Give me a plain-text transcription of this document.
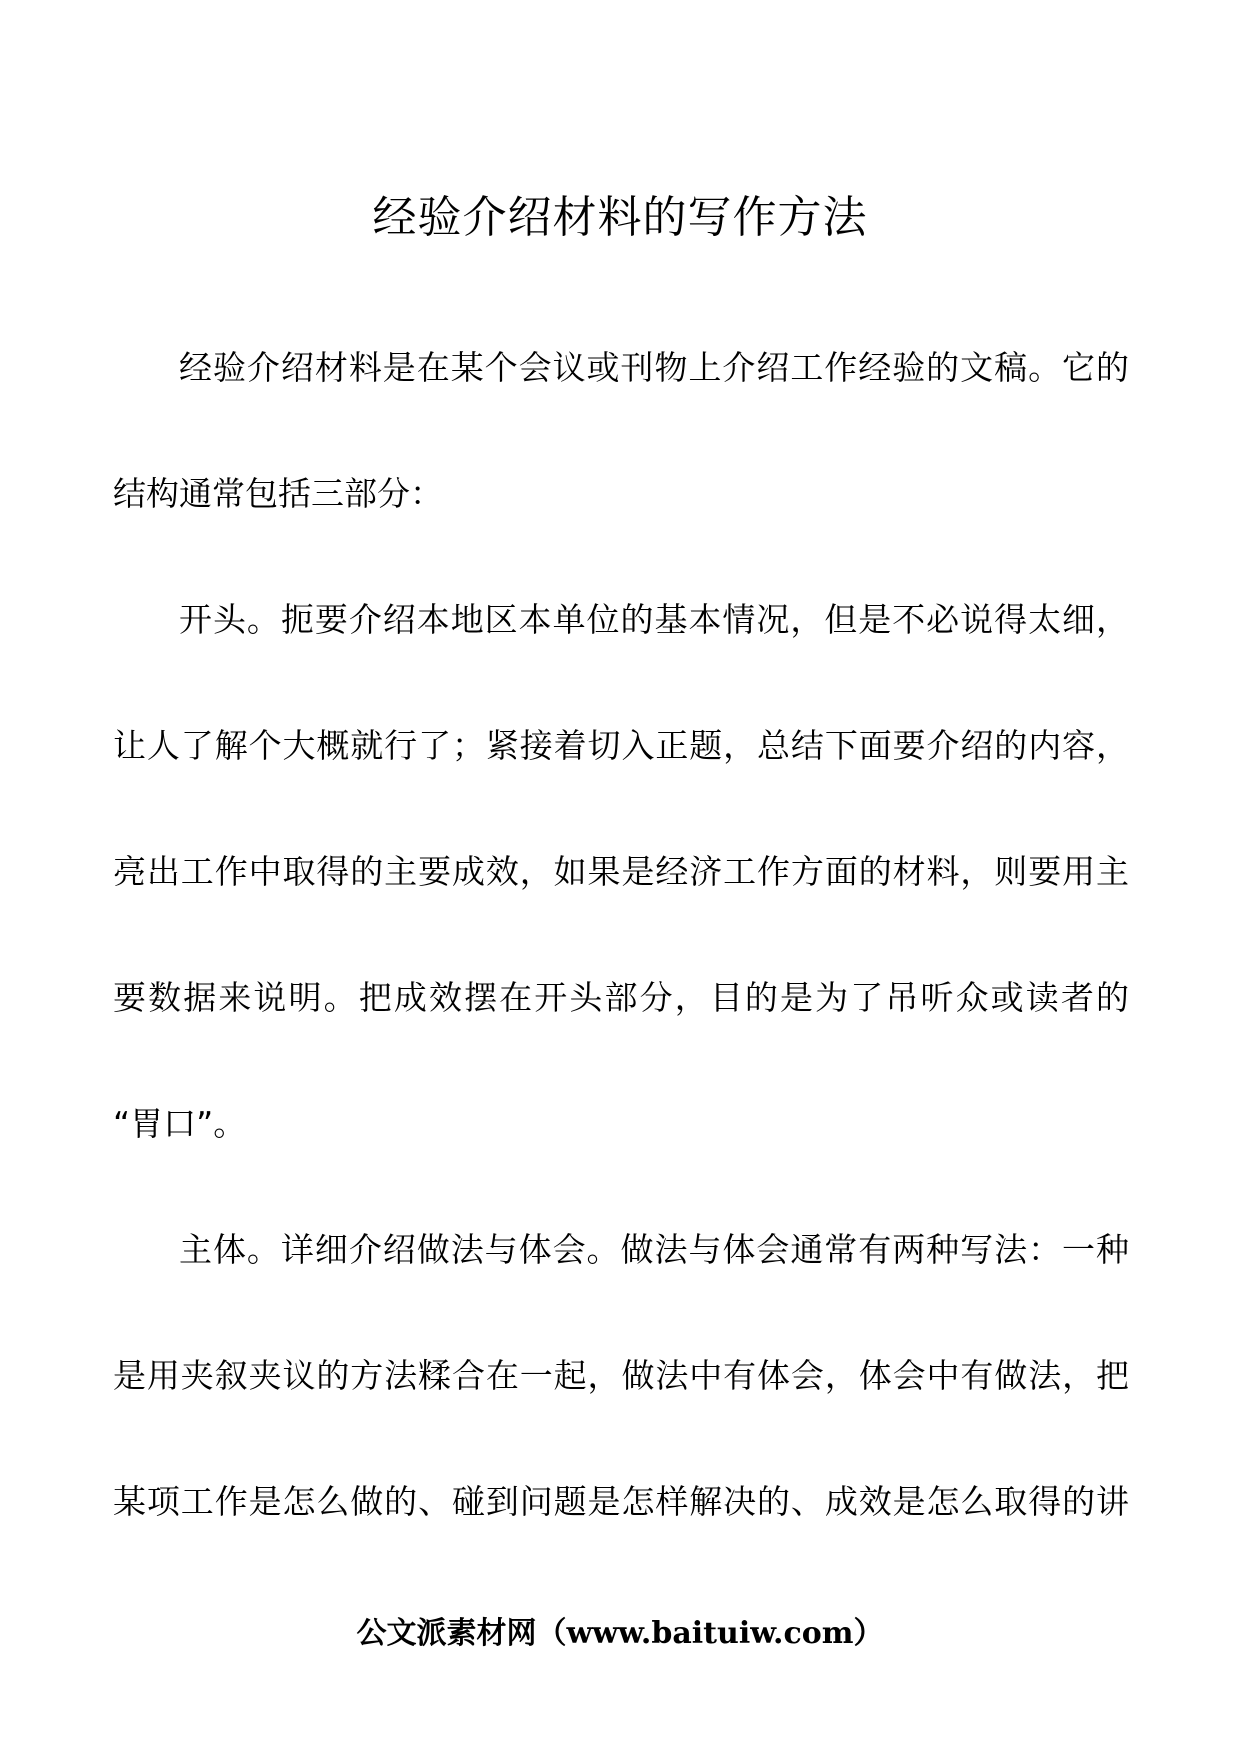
经验介绍材料的写作方法
经验介绍材料是在某个会议或刊物上介绍工作经验的文稿。它的
结构通常包括三部分：
开头。扼要介绍本地区本单位的基本情况，但是不必说得太细，
让人了解个大概就行了；紧接着切入正题，总结下面要介绍的内容，
亮出工作中取得的主要成效，如果是经济工作方面的材料，则要用主
要数据来说明。把成效摆在开头部分，目的是为了吊听众或读者的
“胃口”。
主体。详细介绍做法与体会。做法与体会通常有两种写法：一种
是用夹叙夹议的方法糅合在一起，做法中有体会，体会中有做法，把
某项工作是怎么做的、碰到问题是怎样解决的、成效是怎么取得的讲
公文派素材网（www.baituiw.com）
